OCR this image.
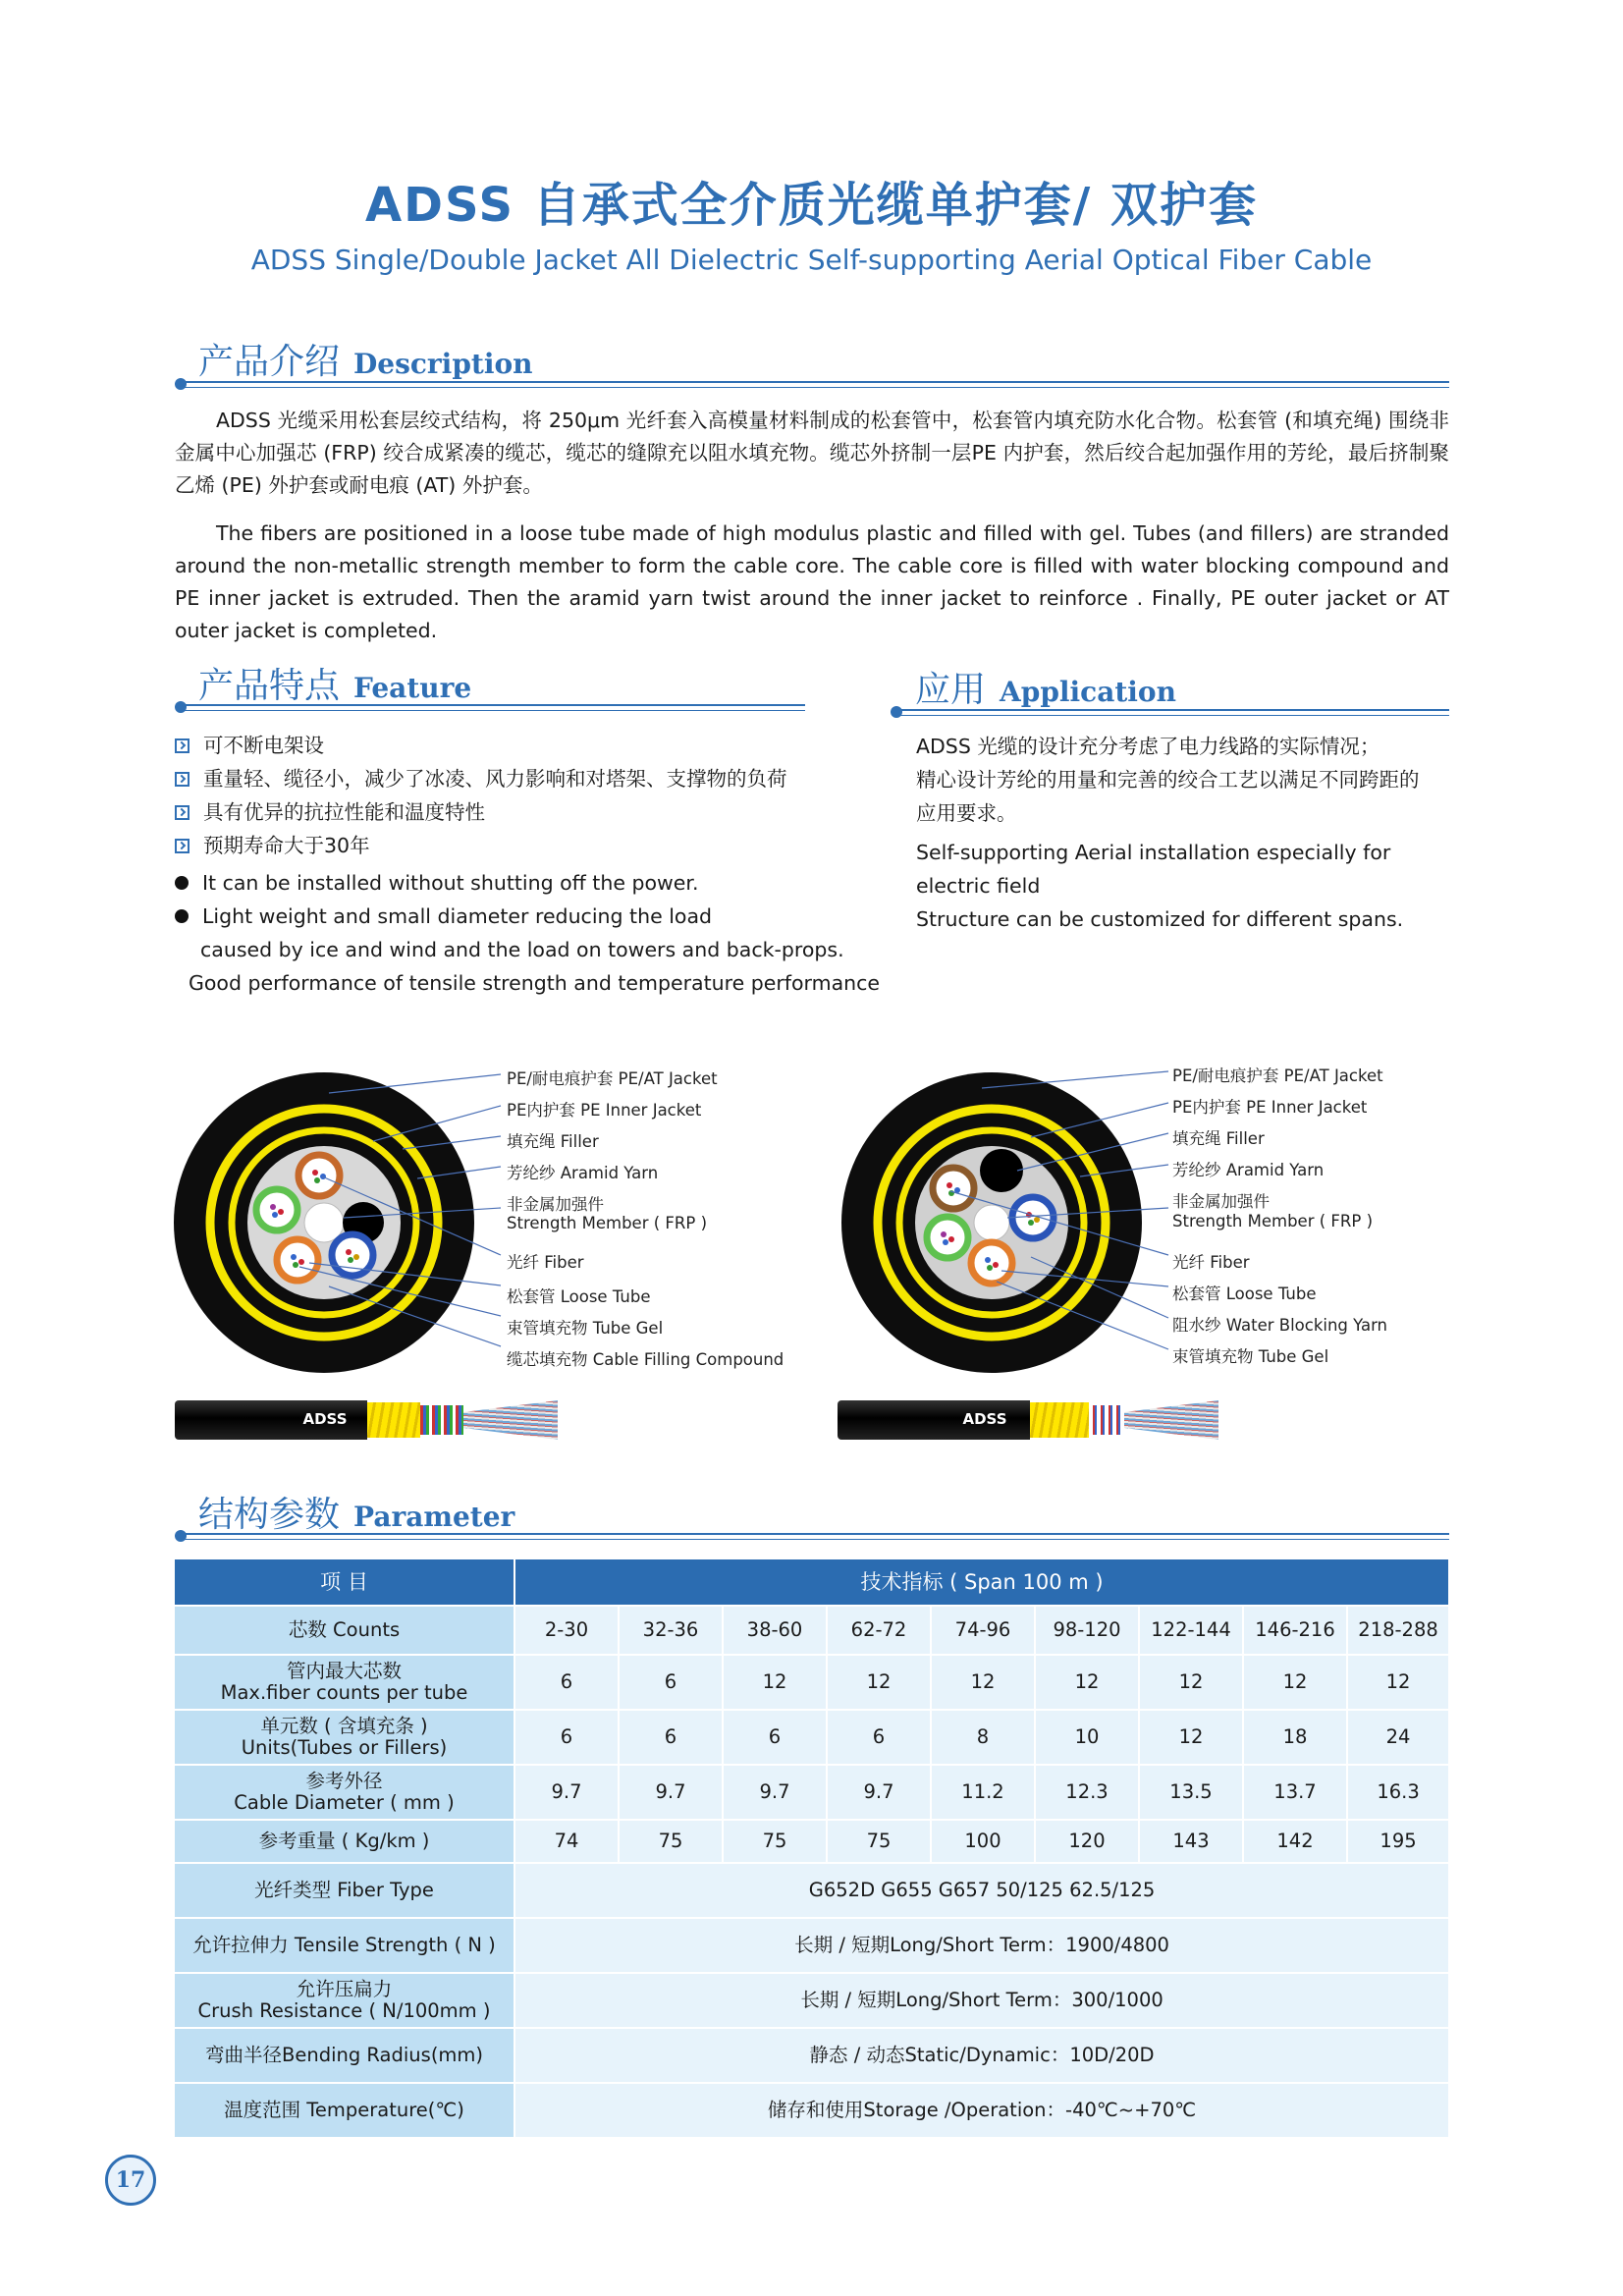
ADSS 自承式全介质光缆单护套/ 双护套
ADSS Single/Double Jacket All Dielectric Self-supporting Aerial Optical Fiber Cable
产品介绍 Description
ADSS 光缆采用松套层绞式结构，将 250μm 光纤套入高模量材料制成的松套管中，松套管内填充防水化合物。松套管 (和填充绳) 围绕非金属中心加强芯 (FRP) 绞合成紧凑的缆芯，缆芯的缝隙充以阻水填充物。缆芯外挤制一层PE 内护套，然后绞合起加强作用的芳纶，最后挤制聚乙烯 (PE) 外护套或耐电痕 (AT) 外护套。
The fibers are positioned in a loose tube made of high modulus plastic and filled with gel. Tubes (and fillers) are stranded around the non-metallic strength member to form the cable core. The cable core is filled with water blocking compound and PE inner jacket is extruded. Then the aramid yarn twist around the inner jacket to reinforce . Finally, PE outer jacket or AT outer jacket is completed.
产品特点 Feature
可不断电架设
重量轻、缆径小，减少了冰凌、风力影响和对塔架、支撑物的负荷
具有优异的抗拉性能和温度特性
预期寿命大于30年
It can be installed without shutting off the power.
Light weight and small diameter reducing the load
caused by ice and wind and the load on towers and back-props.
Good performance of tensile strength and temperature performance
应用 Application
ADSS 光缆的设计充分考虑了电力线路的实际情况；
精心设计芳纶的用量和完善的绞合工艺以满足不同跨距的
应用要求。
Self-supporting Aerial installation especially for electric field
Structure can be customized for different spans.
PE/耐电痕护套 PE/AT Jacket
PE内护套 PE Inner Jacket
填充绳 Filler
芳纶纱 Aramid Yarn
非金属加强件
Strength Member ( FRP )
光纤 Fiber
松套管 Loose Tube
束管填充物 Tube Gel
缆芯填充物 Cable Filling Compound
PE/耐电痕护套 PE/AT Jacket
PE内护套 PE Inner Jacket
填充绳 Filler
芳纶纱 Aramid Yarn
非金属加强件
Strength Member ( FRP )
光纤 Fiber
松套管 Loose Tube
阻水纱 Water Blocking Yarn
束管填充物 Tube Gel
ADSS	ADSS
结构参数 Parameter
项 目	技术指标 ( Span 100 m )								

芯数 Counts	2-30	32-36	38-60	62-72	74-96	98-120	122-144	146-216	218-288

管内最大芯数
Max.fiber counts per tube	6	6	12	12	12	12	12	12	12

单元数 ( 含填充条 )
Units(Tubes or Fillers)	6	6	6	6	8	10	12	18	24

参考外径
Cable Diameter ( mm )	9.7	9.7	9.7	9.7	11.2	12.3	13.5	13.7	16.3

参考重量 ( Kg/km )	74	75	75	75	100	120	143	142	195

光纤类型 Fiber Type	G652D G655 G657 50/125 62.5/125								

允许拉伸力 Tensile Strength ( N )	长期 / 短期Long/Short Term：1900/4800								

允许压扁力
Crush Resistance ( N/100mm )	长期 / 短期Long/Short Term：300/1000								

弯曲半径Bending Radius(mm)	静态 / 动态Static/Dynamic：10D/20D								

温度范围 Temperature(℃)	储存和使用Storage /Operation：-40℃~+70℃								
17
